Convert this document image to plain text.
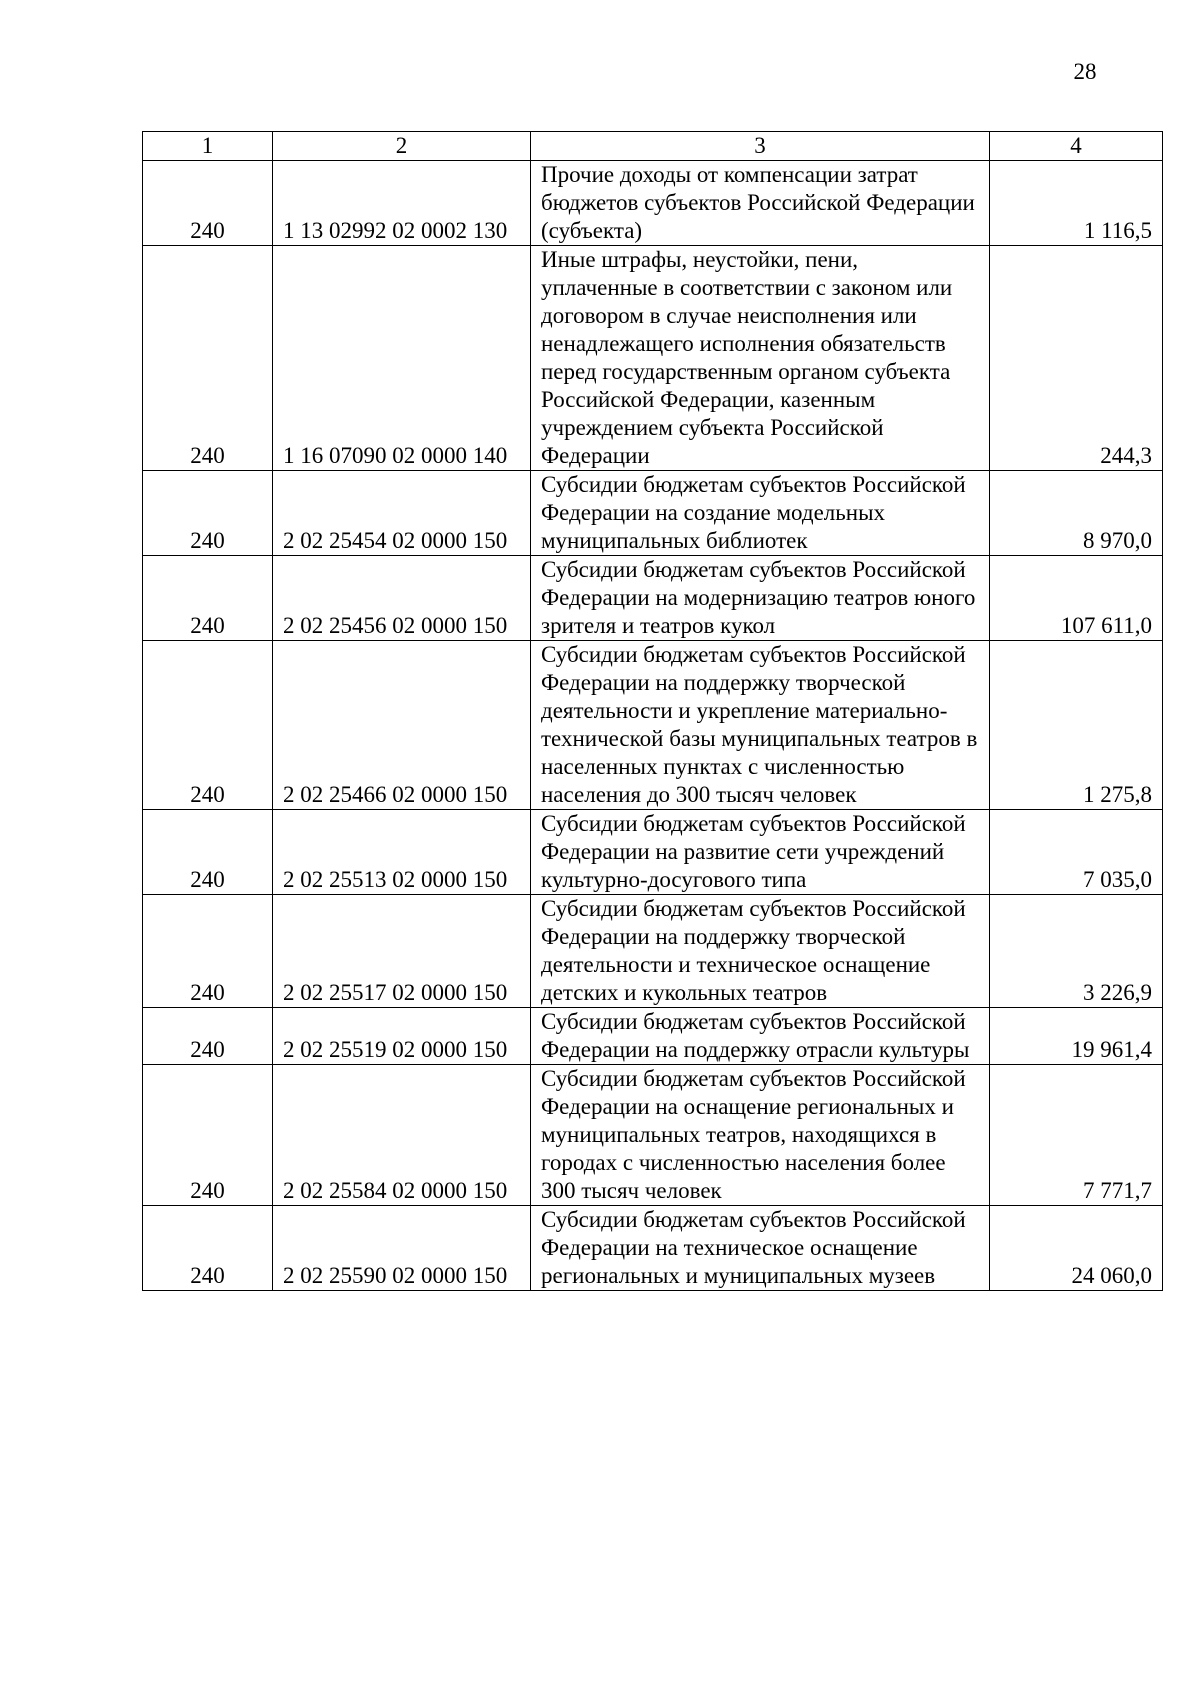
28
1	2	3	4
240	1 13 02992 02 0002 130	Прочие доходы от компенсации затрат бюджетов субъектов Российской Федерации (субъекта)	1 116,5
240	1 16 07090 02 0000 140	Иные штрафы, неустойки, пени, уплаченные в соответствии с законом или договором в случае неисполнения или ненадлежащего исполнения обязательств перед государственным органом субъекта Российской Федерации, казенным учреждением субъекта Российской Федерации	244,3
240	2 02 25454 02 0000 150	Субсидии бюджетам субъектов Российской Федерации на создание модельных муниципальных библиотек	8 970,0
240	2 02 25456 02 0000 150	Субсидии бюджетам субъектов Российской Федерации на модернизацию театров юного зрителя и театров кукол	107 611,0
240	2 02 25466 02 0000 150	Субсидии бюджетам субъектов Российской Федерации на поддержку творческой деятельности и укрепление материально-технической базы муниципальных театров в населенных пунктах с численностью населения до 300 тысяч человек	1 275,8
240	2 02 25513 02 0000 150	Субсидии бюджетам субъектов Российской Федерации на развитие сети учреждений культурно-досугового типа	7 035,0
240	2 02 25517 02 0000 150	Субсидии бюджетам субъектов Российской Федерации на поддержку творческой деятельности и техническое оснащение детских и кукольных театров	3 226,9
240	2 02 25519 02 0000 150	Субсидии бюджетам субъектов Российской Федерации на поддержку отрасли культуры	19 961,4
240	2 02 25584 02 0000 150	Субсидии бюджетам субъектов Российской Федерации на оснащение региональных и муниципальных театров, находящихся в городах с численностью населения более 300 тысяч человек	7 771,7
240	2 02 25590 02 0000 150	Субсидии бюджетам субъектов Российской Федерации на техническое оснащение региональных и муниципальных музеев	24 060,0
